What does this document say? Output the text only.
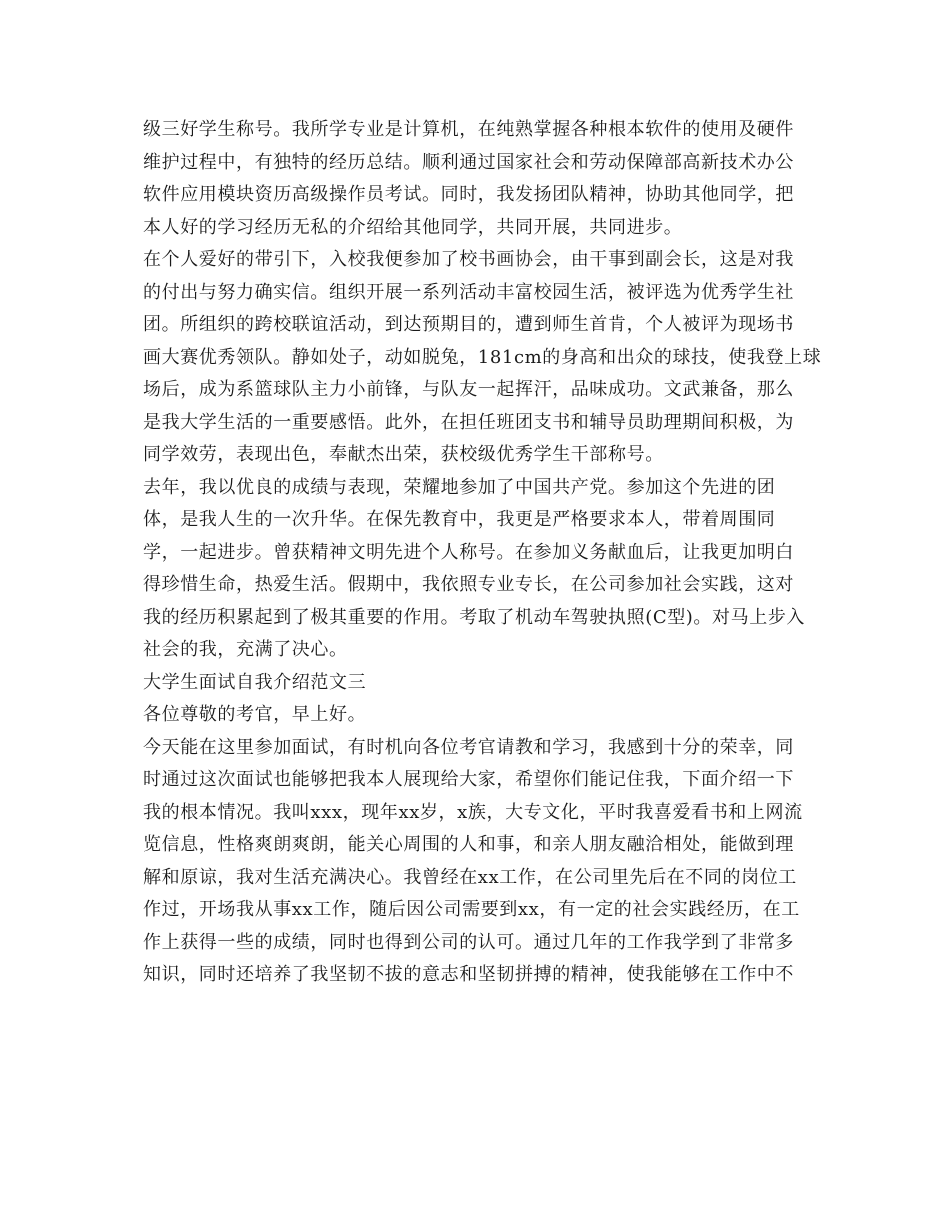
级三好学生称号。我所学专业是计算机，在纯熟掌握各种根本软件的使用及硬件
维护过程中，有独特的经历总结。顺利通过国家社会和劳动保障部高新技术办公
软件应用模块资历高级操作员考试。同时，我发扬团队精神，协助其他同学，把
本人好的学习经历无私的介绍给其他同学，共同开展，共同进步。
在个人爱好的带引下，入校我便参加了校书画协会，由干事到副会长，这是对我
的付出与努力确实信。组织开展一系列活动丰富校园生活，被评选为优秀学生社
团。所组织的跨校联谊活动，到达预期目的，遭到师生首肯，个人被评为现场书
画大赛优秀领队。静如处子，动如脱兔，181cm的身高和出众的球技，使我登上球
场后，成为系篮球队主力小前锋，与队友一起挥汗，品味成功。文武兼备，那么
是我大学生活的一重要感悟。此外，在担任班团支书和辅导员助理期间积极，为
同学效劳，表现出色，奉献杰出荣，获校级优秀学生干部称号。
去年，我以优良的成绩与表现，荣耀地参加了中国共产党。参加这个先进的团
体，是我人生的一次升华。在保先教育中，我更是严格要求本人，带着周围同
学，一起进步。曾获精神文明先进个人称号。在参加义务献血后，让我更加明白
得珍惜生命，热爱生活。假期中，我依照专业专长，在公司参加社会实践，这对
我的经历积累起到了极其重要的作用。考取了机动车驾驶执照(C型)。对马上步入
社会的我，充满了决心。
大学生面试自我介绍范文三
各位尊敬的考官，早上好。
今天能在这里参加面试，有时机向各位考官请教和学习，我感到十分的荣幸，同
时通过这次面试也能够把我本人展现给大家，希望你们能记住我，下面介绍一下
我的根本情况。我叫xxx，现年xx岁，x族，大专文化，平时我喜爱看书和上网流
览信息，性格爽朗爽朗，能关心周围的人和事，和亲人朋友融洽相处，能做到理
解和原谅，我对生活充满决心。我曾经在xx工作，在公司里先后在不同的岗位工
作过，开场我从事xx工作，随后因公司需要到xx，有一定的社会实践经历，在工
作上获得一些的成绩，同时也得到公司的认可。通过几年的工作我学到了非常多
知识，同时还培养了我坚韧不拔的意志和坚韧拼搏的精神，使我能够在工作中不
